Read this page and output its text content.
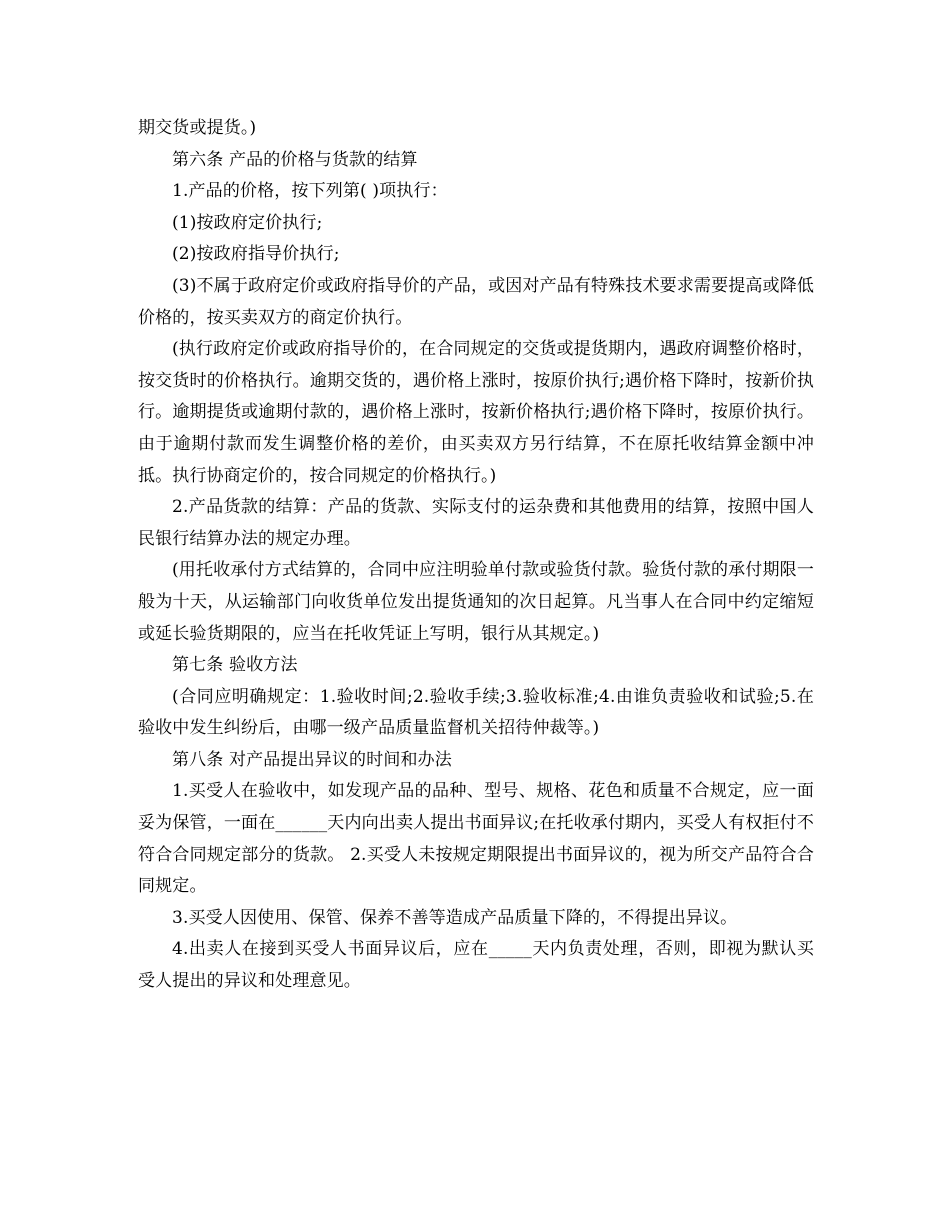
期交货或提货。)

第六条 产品的价格与货款的结算

1.产品的价格，按下列第( )项执行：

(1)按政府定价执行;

(2)按政府指导价执行;

(3)不属于政府定价或政府指导价的产品，或因对产品有特殊技术要求需要提高或降低价格的，按买卖双方的商定价执行。

(执行政府定价或政府指导价的，在合同规定的交货或提货期内，遇政府调整价格时，按交货时的价格执行。逾期交货的，遇价格上涨时，按原价执行;遇价格下降时，按新价执行。逾期提货或逾期付款的，遇价格上涨时，按新价格执行;遇价格下降时，按原价执行。由于逾期付款而发生调整价格的差价，由买卖双方另行结算，不在原托收结算金额中冲抵。执行协商定价的，按合同规定的价格执行。)

2.产品货款的结算：产品的货款、实际支付的运杂费和其他费用的结算，按照中国人民银行结算办法的规定办理。

(用托收承付方式结算的，合同中应注明验单付款或验货付款。验货付款的承付期限一般为十天，从运输部门向收货单位发出提货通知的次日起算。凡当事人在合同中约定缩短或延长验货期限的，应当在托收凭证上写明，银行从其规定。)

第七条 验收方法

(合同应明确规定：1.验收时间;2.验收手续;3.验收标准;4.由谁负责验收和试验;5.在验收中发生纠纷后，由哪一级产品质量监督机关招待仲裁等。)

第八条 对产品提出异议的时间和办法

1.买受人在验收中，如发现产品的品种、型号、规格、花色和质量不合规定，应一面妥为保管，一面在______天内向出卖人提出书面异议;在托收承付期内，买受人有权拒付不符合合同规定部分的货款。 2.买受人未按规定期限提出书面异议的，视为所交产品符合合同规定。

3.买受人因使用、保管、保养不善等造成产品质量下降的，不得提出异议。

4.出卖人在接到买受人书面异议后，应在_____天内负责处理，否则，即视为默认买受人提出的异议和处理意见。
